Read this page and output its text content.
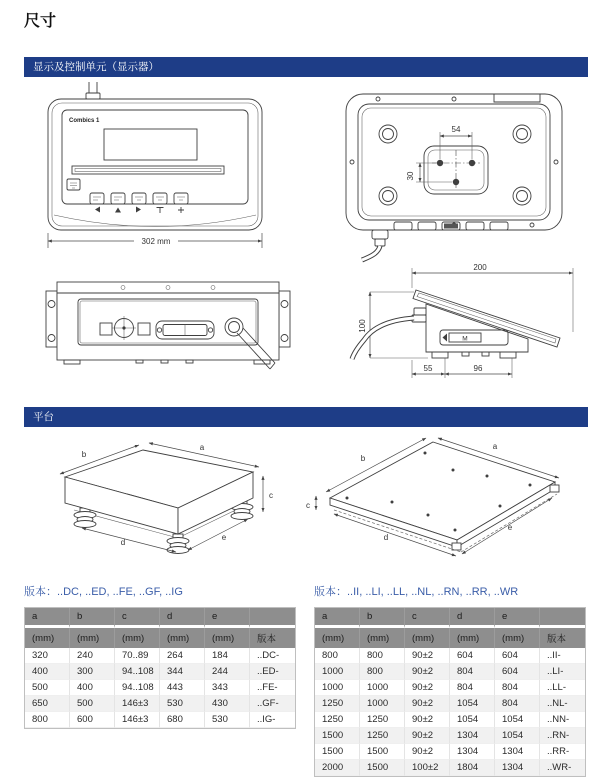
尺寸
显示及控制单元（显示器）
Combics 1
302 mm
54
30
200
100
M
55	96
平台
a
b
c
d
e
a
b
c
d
e
版本：..DC, ..ED, ..FE, ..GF, ..IG	版本：..II, ..LI, ..LL, ..NL, ..RN, ..RR, ..WR
a	b	c	d	e	
(mm)	(mm)	(mm)	(mm)	(mm)	版本
320	240	70..89	264	184	..DC-
400	300	94..108	344	244	..ED-
500	400	94..108	443	343	..FE-
650	500	146±3	530	430	..GF-
800	600	146±3	680	530	..IG-
a	b	c	d	e	
(mm)	(mm)	(mm)	(mm)	(mm)	版本
800	800	90±2	604	604	..II-
1000	800	90±2	804	604	..LI-
1000	1000	90±2	804	804	..LL-
1250	1000	90±2	1054	804	..NL-
1250	1250	90±2	1054	1054	..NN-
1500	1250	90±2	1304	1054	..RN-
1500	1500	90±2	1304	1304	..RR-
2000	1500	100±2	1804	1304	..WR-
